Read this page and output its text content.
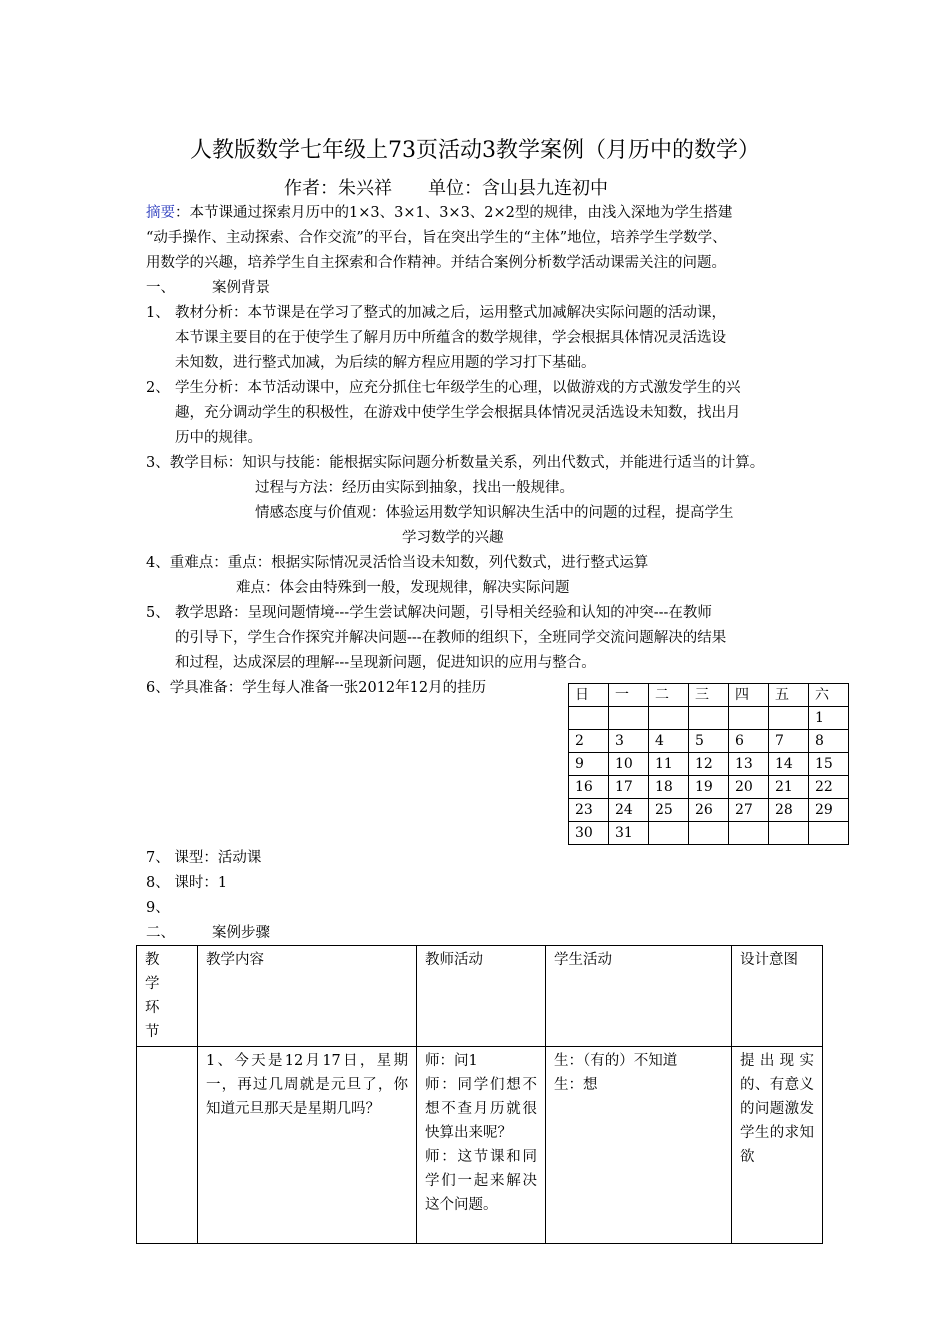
人教版数学七年级上73页活动3教学案例（月历中的数学）
作者：朱兴祥　　单位：含山县九连初中
摘要：本节课通过探索月历中的1×3、3×1、3×3、2×2型的规律，由浅入深地为学生搭建
“动手操作、主动探索、合作交流”的平台，旨在突出学生的“主体”地位，培养学生学数学、
用数学的兴趣，培养学生自主探索和合作精神。并结合案例分析数学活动课需关注的问题。
一、	案例背景
1、 教材分析：本节课是在学习了整式的加减之后，运用整式加减解决实际问题的活动课，
本节课主要目的在于使学生了解月历中所蕴含的数学规律，学会根据具体情况灵活选设
未知数，进行整式加减，为后续的解方程应用题的学习打下基础。
2、 学生分析：本节活动课中，应充分抓住七年级学生的心理，以做游戏的方式激发学生的兴
趣，充分调动学生的积极性，在游戏中使学生学会根据具体情况灵活选设未知数，找出月
历中的规律。
3、教学目标：知识与技能：能根据实际问题分析数量关系，列出代数式，并能进行适当的计算。
过程与方法：经历由实际到抽象，找出一般规律。
情感态度与价值观：体验运用数学知识解决生活中的问题的过程，提高学生
学习数学的兴趣
4、重难点：重点：根据实际情况灵活恰当设未知数，列代数式，进行整式运算
难点：体会由特殊到一般，发现规律，解决实际问题
5、 教学思路：呈现问题情境---学生尝试解决问题，引导相关经验和认知的冲突---在教师
的引导下，学生合作探究并解决问题---在教师的组织下，全班同学交流问题解决的结果
和过程，达成深层的理解---呈现新问题，促进知识的应用与整合。
6、学具准备：学生每人准备一张2012年12月的挂历	日	一	二	三	四	五	六
						1
2	3	4	5	6	7	8
9	10	11	12	13	14	15
16	17	18	19	20	21	22
23	24	25	26	27	28	29
30	31					
7、 课型：活动课
8、 课时：1
9、
二、	案例步骤
教 学 环 节	教学内容	教师活动	学生活动	设计意图
	1、今天是12月17日，星期一，再过几周就是元旦了，你知道元旦那天是星期几吗？	师：问1
师：同学们想不想不查月历就很快算出来呢？
师：这节课和同学们一起来解决这个问题。	生：（有的）不知道
生：想	提出现实的、有意义的问题激发学生的求知欲
